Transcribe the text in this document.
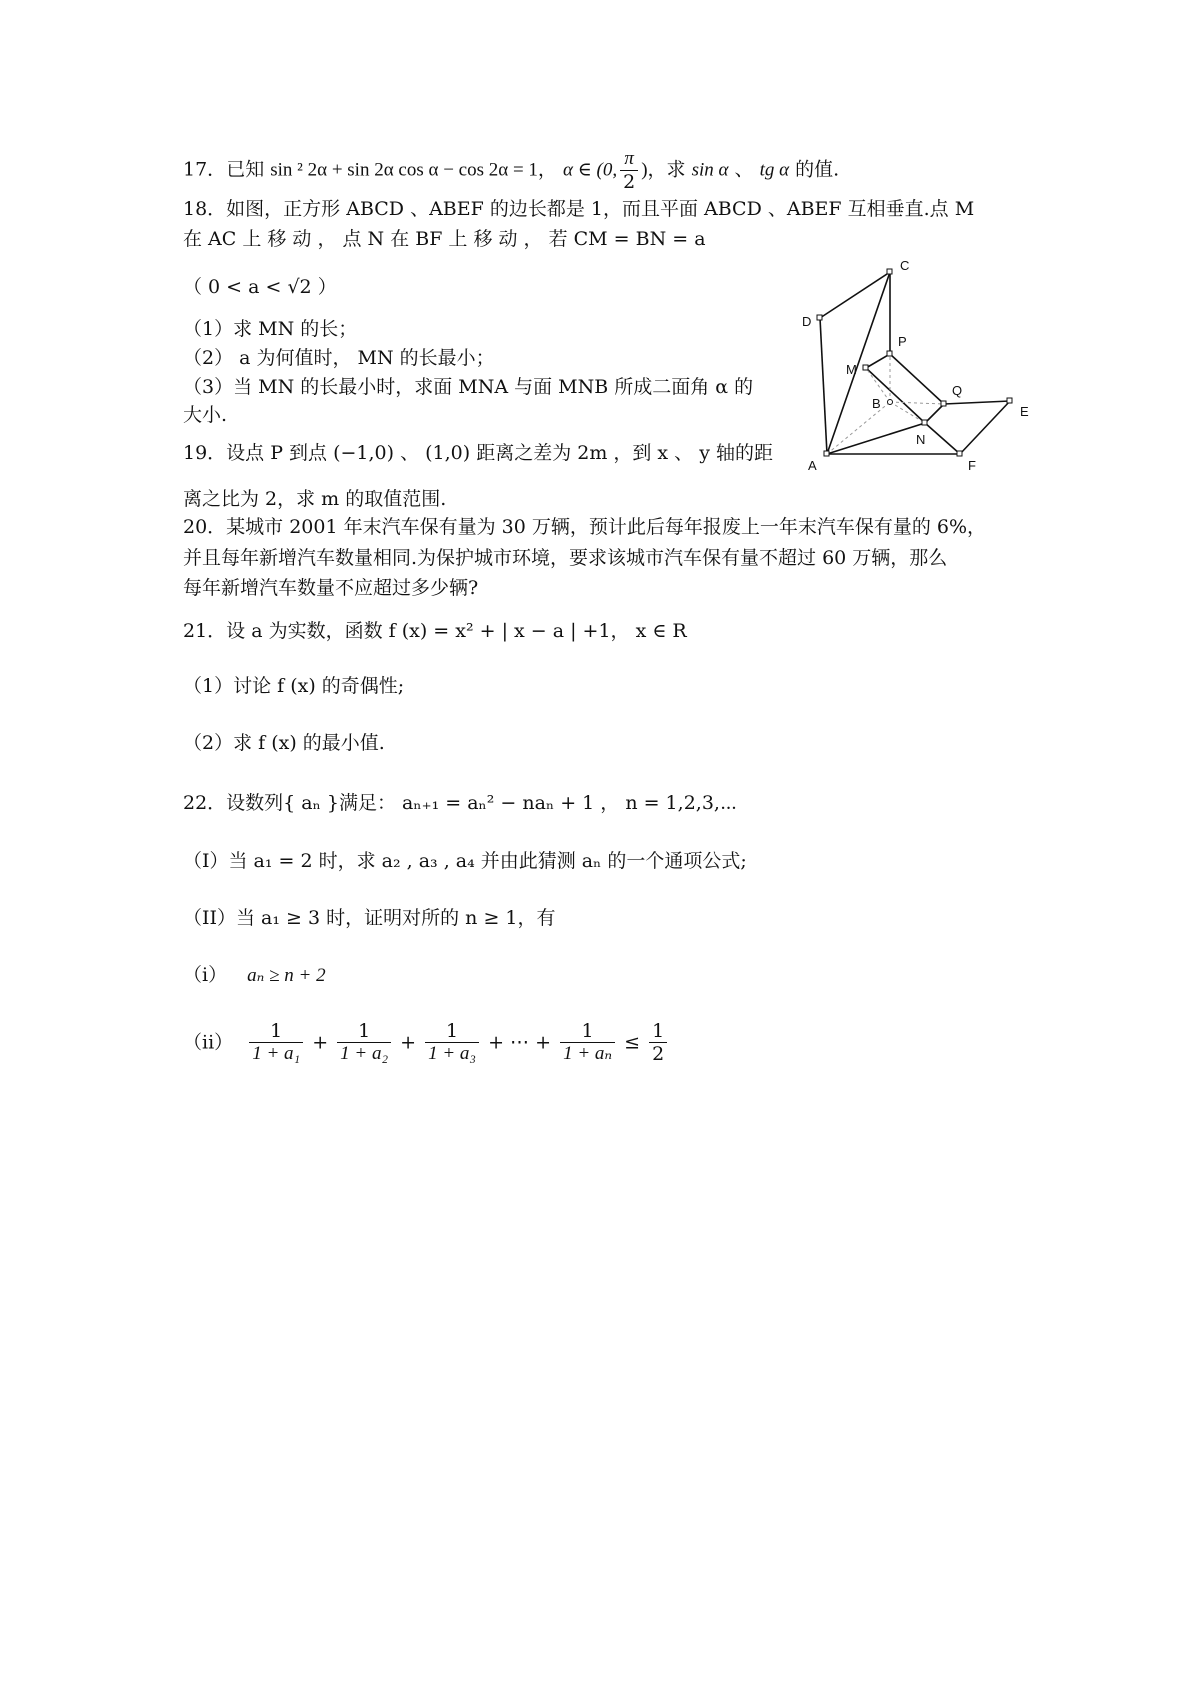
17．已知 sin ² 2α + sin 2α cos α − cos 2α = 1， α ∈ (0, $\frac{\pi}{2}$ )，求 sin α 、 tg α 的值.
18．如图，正方形 ABCD 、ABEF 的边长都是 1，而且平面 ABCD 、ABEF 互相垂直.点 M
在 AC 上 移 动 ， 点 N 在 BF 上 移 动 ， 若 CM = BN = a
（ 0 < a < √2 ）
（1）求 MN 的长；
（2） a 为何值时， MN 的长最小；
（3）当 MN 的长最小时，求面 MNA 与面 MNB 所成二面角 α 的
大小.
C
D
P
M
Q
B
E
N
A	F
19．设点 P 到点 (−1,0) 、 (1,0) 距离之差为 2m ，到 x 、 y 轴的距
离之比为 2，求 m 的取值范围.
20．某城市 2001 年末汽车保有量为 30 万辆，预计此后每年报废上一年末汽车保有量的 6%，
并且每年新增汽车数量相同.为保护城市环境，要求该城市汽车保有量不超过 60 万辆，那么
每年新增汽车数量不应超过多少辆?
21．设 a 为实数，函数 f (x) = x² + | x − a | +1， x ∈ R
（1）讨论 f (x) 的奇偶性;
（2）求 f (x) 的最小值.
22．设数列{ aₙ }满足： aₙ₊₁ = aₙ² − naₙ + 1 ， n = 1,2,3,⋯
（I）当 a₁ = 2 时，求 a₂ , a₃ , a₄ 并由此猜测 aₙ 的一个通项公式;
（II）当 a₁ ≥ 3 时，证明对所的 n ≥ 1，有
（i） aₙ ≥ n + 2
$(ii) \frac{1}{\text{1 + a₁}} + \frac{1}{\text{1 + a₂}} + \frac{1}{\text{1 + a₃}}$ + ⋯ + $\frac{1}{\text{1 + aₙ}} \le \frac{1}{2}$
